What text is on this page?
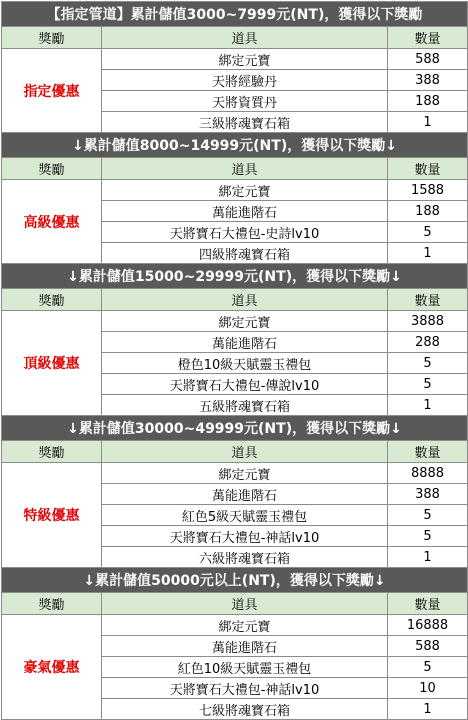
【指定管道】累計儲值3000~7999元(NT)，獲得以下獎勵		
獎勵	道具	數量
指定優惠	綁定元寶	588
	天將經驗丹	388
	天將資質丹	188
	三級將魂寶石箱	1
↓累計儲值8000~14999元(NT)，獲得以下獎勵↓		
獎勵	道具	數量
高級優惠	綁定元寶	1588
	萬能進階石	188
	天將寶石大禮包-史詩lv10	5
	四級將魂寶石箱	1
↓累計儲值15000~29999元(NT)，獲得以下獎勵↓		
獎勵	道具	數量
頂級優惠	綁定元寶	3888
	萬能進階石	288
	橙色10級天賦靈玉禮包	5
	天將寶石大禮包-傳說lv10	5
	五級將魂寶石箱	1
↓累計儲值30000~49999元(NT)，獲得以下獎勵↓		
獎勵	道具	數量
特級優惠	綁定元寶	8888
	萬能進階石	388
	紅色5級天賦靈玉禮包	5
	天將寶石大禮包-神話lv10	5
	六級將魂寶石箱	1
↓累計儲值50000元以上(NT)，獲得以下獎勵↓		
獎勵	道具	數量
豪氣優惠	綁定元寶	16888
	萬能進階石	588
	紅色10級天賦靈玉禮包	5
	天將寶石大禮包-神話lv10	10
	七級將魂寶石箱	1
